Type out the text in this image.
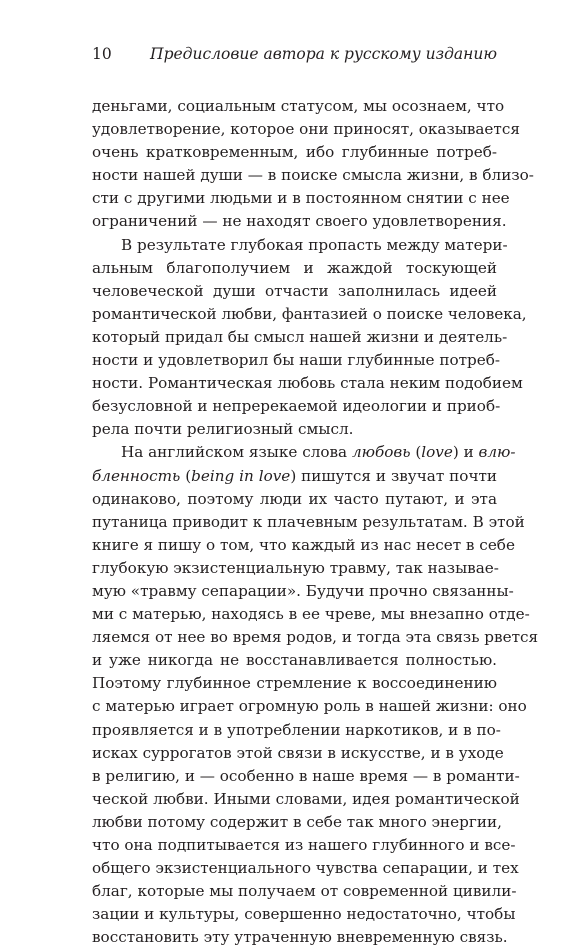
10 Предисловие автора к русскому изданию
деньгами, социальным статусом, мы осознаем, что
удовлетворение, которое они приносят, оказывается
очень кратковременным, ибо глубинные потреб-
ности нашей души — в поиске смысла жизни, в близо-
сти с другими людьми и в постоянном снятии с нее
ограничений — не находят своего удовлетворения.
В результате глубокая пропасть между матери-
альным благополучием и жаждой тоскующей
человеческой души отчасти заполнилась идеей
романтической любви, фантазией о поиске человека,
который придал бы смысл нашей жизни и деятель-
ности и удовлетворил бы наши глубинные потреб-
ности. Романтическая любовь стала неким подобием
безусловной и непререкаемой идеологии и приоб-
рела почти религиозный смысл.
На английском языке слова любовь (love) и влю-
бленность (being in love) пишутся и звучат почти
одинаково, поэтому люди их часто путают, и эта
путаница приводит к плачевным результатам. В этой
книге я пишу о том, что каждый из нас несет в себе
глубокую экзистенциальную травму, так называе-
мую «травму сепарации». Будучи прочно связанны-
ми с матерью, находясь в ее чреве, мы внезапно отде-
ляемся от нее во время родов, и тогда эта связь рвется
и уже никогда не восстанавливается полностью.
Поэтому глубинное стремление к воссоединению
с матерью играет огромную роль в нашей жизни: оно
проявляется и в употреблении наркотиков, и в по-
исках суррогатов этой связи в искусстве, и в уходе
в религию, и — особенно в наше время — в романти-
ческой любви. Иными словами, идея романтической
любви потому содержит в себе так много энергии,
что она подпитывается из нашего глубинного и все-
общего экзистенциального чувства сепарации, и тех
благ, которые мы получаем от современной цивили-
зации и культуры, совершенно недостаточно, чтобы
восстановить эту утраченную вневременную связь.
